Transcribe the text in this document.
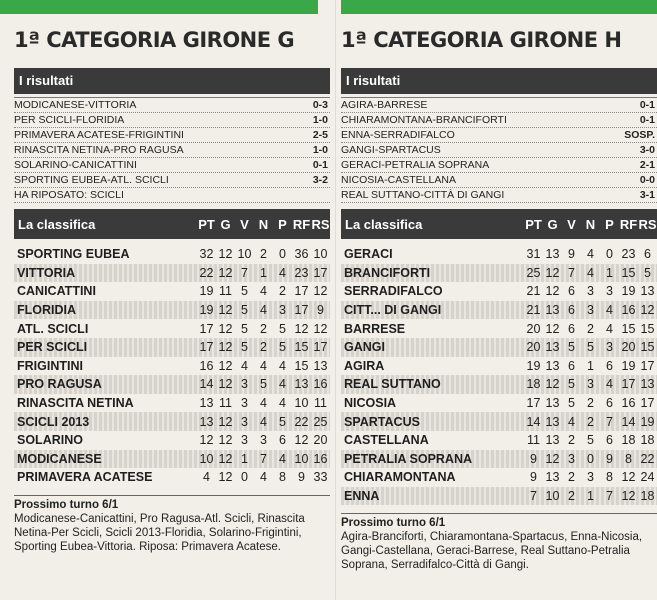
1ª CATEGORIA GIRONE G
I risultati
MODICANESE-VITTORIA	0-3
PER SCICLI-FLORIDIA	1-0
PRIMAVERA ACATESE-FRIGINTINI	2-5
RINASCITA NETINA-PRO RAGUSA	1-0
SOLARINO-CANICATTINI	0-1
SPORTING EUBEA-ATL. SCICLI	3-2
HA RIPOSATO: SCICLI
La classifica	PT G V N P RF RS
SPORTING EUBEA	32 12 10 2 0 36 10
VITTORIA	22 12 7 1 4 23 17
CANICATTINI	19 11 5 4 2 17 12
FLORIDIA	19 12 5 4 3 17 9
ATL. SCICLI	17 12 5 2 5 12 12
PER SCICLI	17 12 5 2 5 15 17
FRIGINTINI	16 12 4 4 4 15 13
PRO RAGUSA	14 12 3 5 4 13 16
RINASCITA NETINA	13 11 3 4 4 10 11
SCICLI 2013	13 12 3 4 5 22 25
SOLARINO	12 12 3 3 6 12 20
MODICANESE	10 12 1 7 4 10 16
PRIMAVERA ACATESE	4 12 0 4 8 9 33
Prossimo turno 6/1
Modicanese-Canicattini, Pro Ragusa-Atl. Scicli, Rinascita Netina-Per Scicli, Scicli 2013-Floridia, Solarino-Frigintini, Sporting Eubea-Vittoria. Riposa: Primavera Acatese.
1ª CATEGORIA GIRONE H
I risultati
AGIRA-BARRESE	0-1
CHIARAMONTANA-BRANCIFORTI	0-1
ENNA-SERRADIFALCO	SOSP.
GANGI-SPARTACUS	3-0
GERACI-PETRALIA SOPRANA	2-1
NICOSIA-CASTELLANA	0-0
REAL SUTTANO-CITTÀ DI GANGI	3-1
La classifica	PT G V N P RF RS
GERACI	31 13 9 4 0 23 6
BRANCIFORTI	25 12 7 4 1 15 5
SERRADIFALCO	21 12 6 3 3 19 13
CITT... DI GANGI	21 13 6 3 4 16 12
BARRESE	20 12 6 2 4 15 15
GANGI	20 13 5 5 3 20 15
AGIRA	19 13 6 1 6 19 17
REAL SUTTANO	18 12 5 3 4 17 13
NICOSIA	17 13 5 2 6 16 17
SPARTACUS	14 13 4 2 7 14 19
CASTELLANA	11 13 2 5 6 18 18
PETRALIA SOPRANA	9 12 3 0 9 8 22
CHIARAMONTANA	9 13 2 3 8 12 24
ENNA	7 10 2 1 7 12 18
Prossimo turno 6/1
Agira-Branciforti, Chiaramontana-Spartacus, Enna-Nicosia, Gangi-Castellana, Geraci-Barrese, Real Suttano-Petralia Soprana, Serradifalco-Città di Gangi.
